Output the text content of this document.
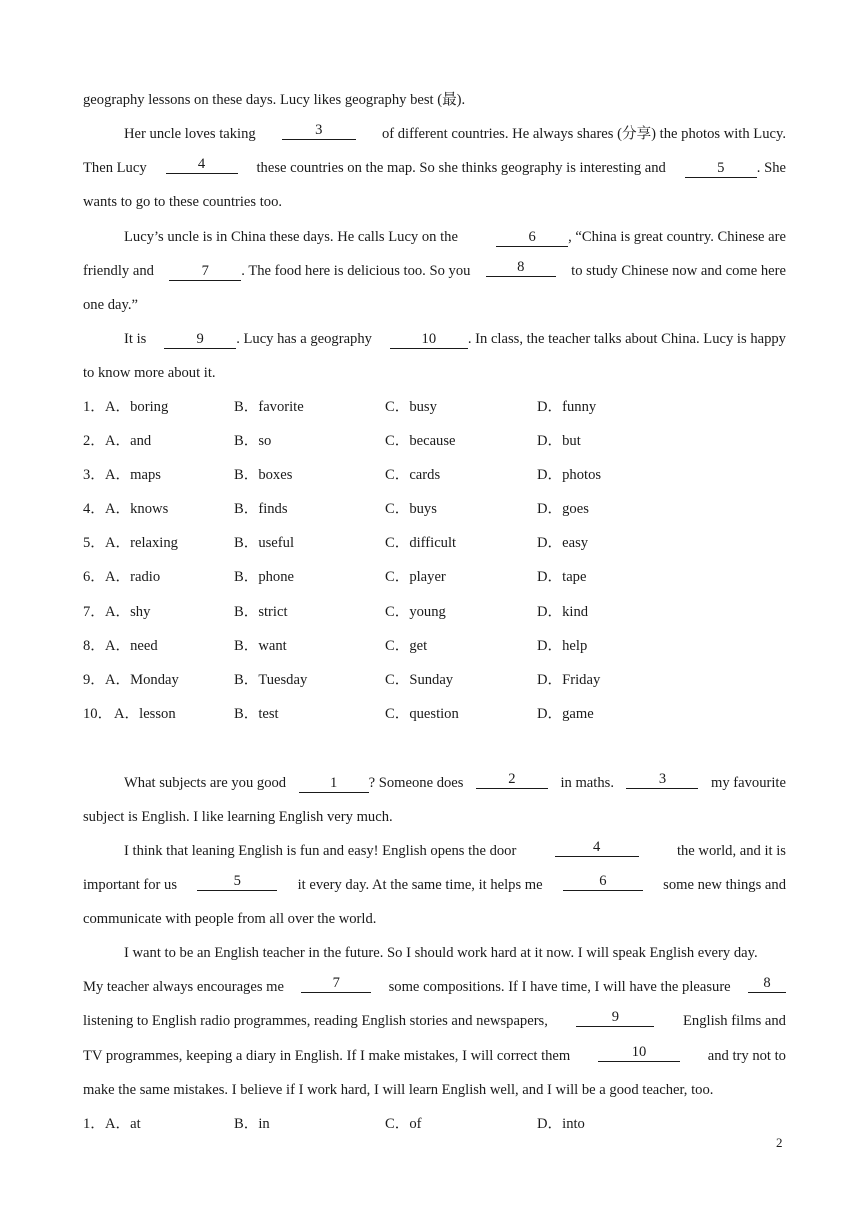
geography lessons on these days. Lucy likes geography best (最).
Her uncle loves taking	3	of different countries. He always shares (分享) the photos with Lucy.
Then Lucy	4	these countries on the map. So she thinks geography is interesting and	5 . She
wants to go to these countries too.
Lucy’s uncle is in China these days. He calls Lucy on the	6 , “China is great country. Chinese are
friendly and	7 . The food here is delicious too. So you	8	to study Chinese now and come here
one day.”
It is	9 . Lucy has a geography	10 . In class, the teacher talks about China. Lucy is happy
to know more about it.
1． A．boring	B．favorite	C．busy	D．funny
2． A．and	B．so	C．because	D．but
3． A．maps	B．boxes	C．cards	D．photos
4． A．knows	B．finds	C．buys	D．goes
5． A．relaxing	B．useful	C．difficult	D．easy
6． A．radio	B．phone	C．player	D．tape
7． A．shy	B．strict	C．young	D．kind
8． A．need	B．want	C．get	D．help
9． A．Monday	B．Tuesday	C．Sunday	D．Friday
10． A．lesson	B．test	C．question	D．game
What subjects are you good	1 ? Someone does	2	in maths.	3	my favourite
subject is English. I like learning English very much.
I think that leaning English is fun and easy! English opens the door	4	the world, and it is
important for us	5	it every day. At the same time, it helps me	6	some new things and
communicate with people from all over the world.
I want to be an English teacher in the future. So I should work hard at it now. I will speak English every day.
My teacher always encourages me	7	some compositions. If I have time, I will have the pleasure	8
listening to English radio programmes, reading English stories and newspapers,	9	English films and
TV programmes, keeping a diary in English. If I make mistakes, I will correct them	10	and try not to
make the same mistakes. I believe if I work hard, I will learn English well, and I will be a good teacher, too.
1． A．at	B．in	C．of	D．into
2
